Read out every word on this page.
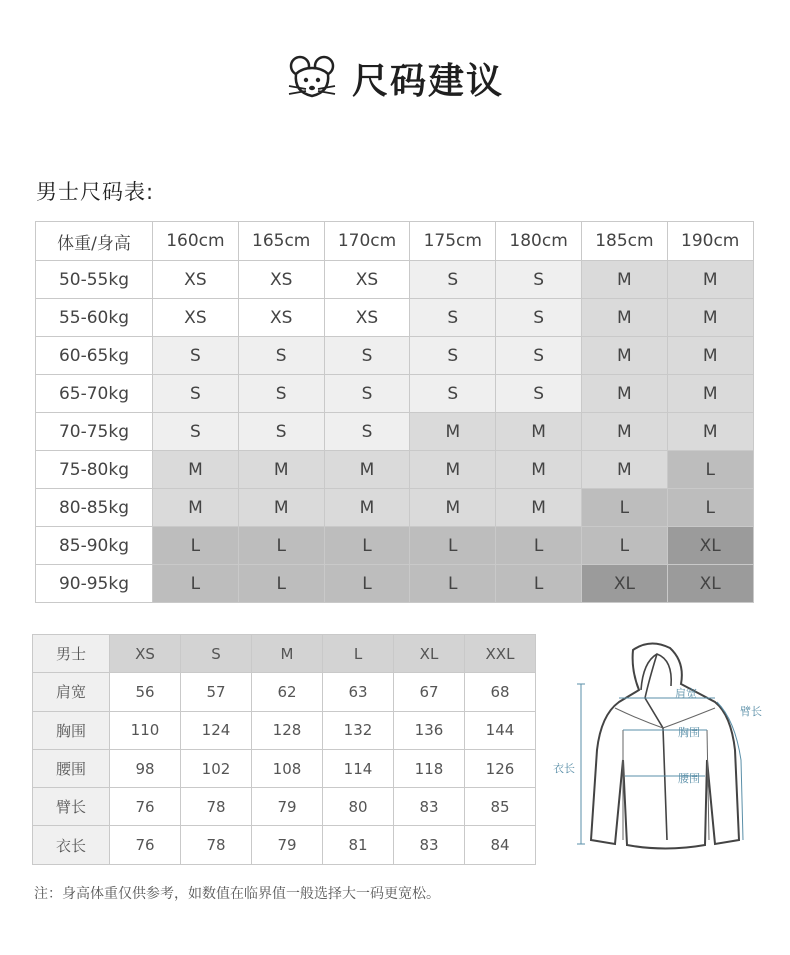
尺码建议
男士尺码表:
体重/身高	160cm	165cm	170cm	175cm	180cm	185cm	190cm
50-55kg	XS	XS	XS	S	S	M	M
55-60kg	XS	XS	XS	S	S	M	M
60-65kg	S	S	S	S	S	M	M
65-70kg	S	S	S	S	S	M	M
70-75kg	S	S	S	M	M	M	M
75-80kg	M	M	M	M	M	M	L
80-85kg	M	M	M	M	M	L	L
85-90kg	L	L	L	L	L	L	XL
90-95kg	L	L	L	L	L	XL	XL
男士	XS	S	M	L	XL	XXL
肩宽	56	57	62	63	67	68
胸围	110	124	128	132	136	144
腰围	98	102	108	114	118	126
臂长	76	78	79	80	83	85
衣长	76	78	79	81	83	84
肩宽
臂长
胸围
衣长
腰围
注：身高体重仅供参考，如数值在临界值一般选择大一码更宽松。
